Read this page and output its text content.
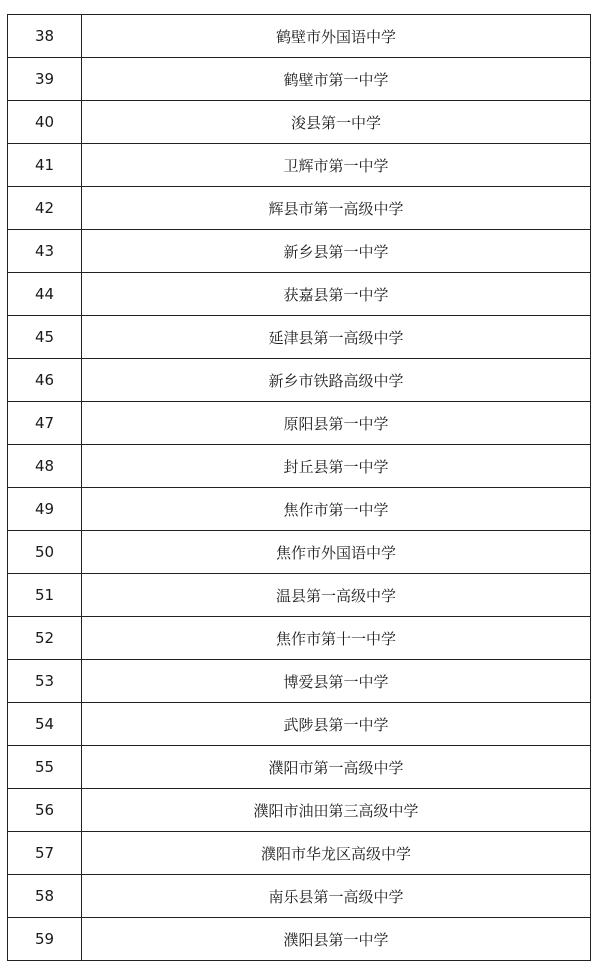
38	鹤壁市外国语中学
39	鹤壁市第一中学
40	浚县第一中学
41	卫辉市第一中学
42	辉县市第一高级中学
43	新乡县第一中学
44	获嘉县第一中学
45	延津县第一高级中学
46	新乡市铁路高级中学
47	原阳县第一中学
48	封丘县第一中学
49	焦作市第一中学
50	焦作市外国语中学
51	温县第一高级中学
52	焦作市第十一中学
53	博爱县第一中学
54	武陟县第一中学
55	濮阳市第一高级中学
56	濮阳市油田第三高级中学
57	濮阳市华龙区高级中学
58	南乐县第一高级中学
59	濮阳县第一中学
